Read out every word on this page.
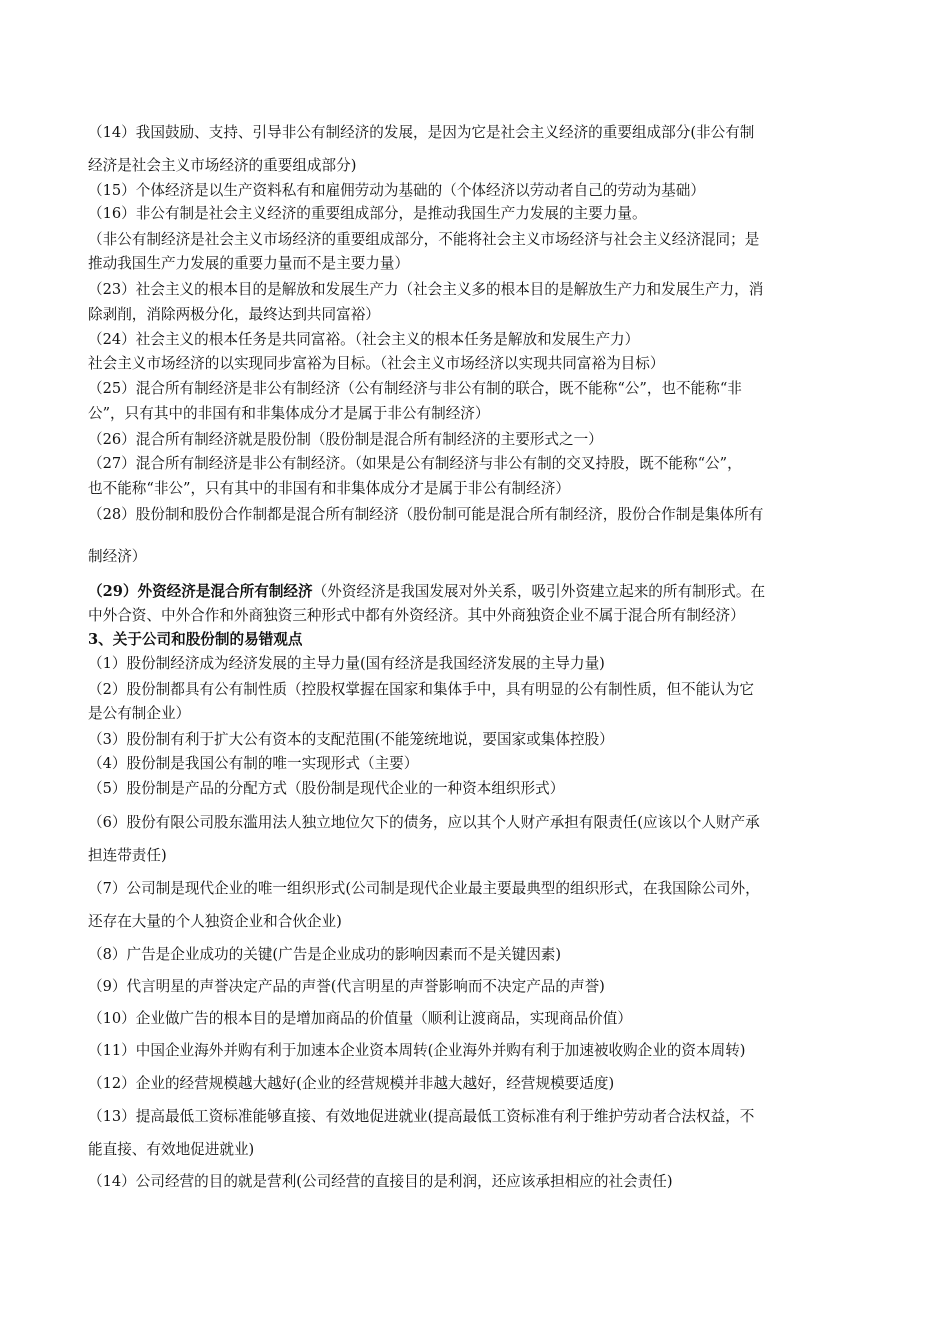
（14）我国鼓励、支持、引导非公有制经济的发展，是因为它是社会主义经济的重要组成部分(非公有制
经济是社会主义市场经济的重要组成部分)
（15）个体经济是以生产资料私有和雇佣劳动为基础的（个体经济以劳动者自己的劳动为基础）
（16）非公有制是社会主义经济的重要组成部分，是推动我国生产力发展的主要力量。
（非公有制经济是社会主义市场经济的重要组成部分，不能将社会主义市场经济与社会主义经济混同；是
推动我国生产力发展的重要力量而不是主要力量）
（23）社会主义的根本目的是解放和发展生产力（社会主义多的根本目的是解放生产力和发展生产力，消
除剥削，消除两极分化，最终达到共同富裕）
（24）社会主义的根本任务是共同富裕。（社会主义的根本任务是解放和发展生产力）
社会主义市场经济的以实现同步富裕为目标。（社会主义市场经济以实现共同富裕为目标）
（25）混合所有制经济是非公有制经济（公有制经济与非公有制的联合，既不能称“公”，也不能称“非
公”，只有其中的非国有和非集体成分才是属于非公有制经济）
（26）混合所有制经济就是股份制（股份制是混合所有制经济的主要形式之一）
（27）混合所有制经济是非公有制经济。（如果是公有制经济与非公有制的交叉持股，既不能称“公”，
也不能称“非公”，只有其中的非国有和非集体成分才是属于非公有制经济）
（28）股份制和股份合作制都是混合所有制经济（股份制可能是混合所有制经济，股份合作制是集体所有
制经济）
（29）外资经济是混合所有制经济（外资经济是我国发展对外关系，吸引外资建立起来的所有制形式。在
中外合资、中外合作和外商独资三种形式中都有外资经济。其中外商独资企业不属于混合所有制经济）
3、关于公司和股份制的易错观点
（1）股份制经济成为经济发展的主导力量(国有经济是我国经济发展的主导力量)
（2）股份制都具有公有制性质（控股权掌握在国家和集体手中，具有明显的公有制性质，但不能认为它
是公有制企业）
（3）股份制有利于扩大公有资本的支配范围(不能笼统地说，要国家或集体控股）
（4）股份制是我国公有制的唯一实现形式（主要）
（5）股份制是产品的分配方式（股份制是现代企业的一种资本组织形式）
（6）股份有限公司股东滥用法人独立地位欠下的债务，应以其个人财产承担有限责任(应该以个人财产承
担连带责任)
（7）公司制是现代企业的唯一组织形式(公司制是现代企业最主要最典型的组织形式，在我国除公司外，
还存在大量的个人独资企业和合伙企业)
（8）广告是企业成功的关键(广告是企业成功的影响因素而不是关键因素)
（9）代言明星的声誉决定产品的声誉(代言明星的声誉影响而不决定产品的声誉)
（10）企业做广告的根本目的是增加商品的价值量（顺利让渡商品，实现商品价值）
（11）中国企业海外并购有利于加速本企业资本周转(企业海外并购有利于加速被收购企业的资本周转)
（12）企业的经营规模越大越好(企业的经营规模并非越大越好，经营规模要适度)
（13）提高最低工资标准能够直接、有效地促进就业(提高最低工资标准有利于维护劳动者合法权益，不
能直接、有效地促进就业)
（14）公司经营的目的就是营利(公司经营的直接目的是利润，还应该承担相应的社会责任)
